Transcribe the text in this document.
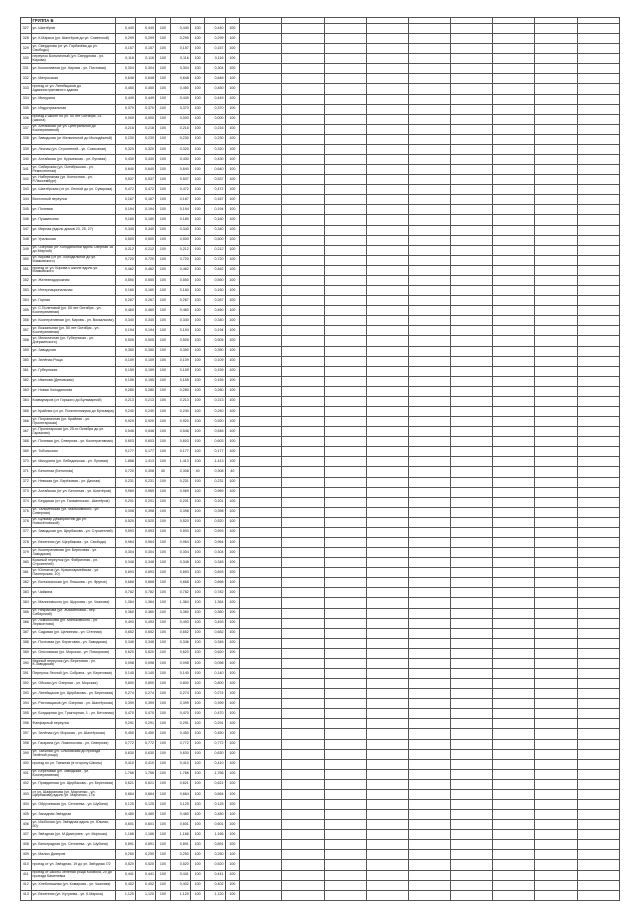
	ГРУППА Б																
327	ул. Шахтёров	0,440	0,440	100	0,440	100	0,440	100									
328	ул. К.Маркса (ул. Шахтёров до ул. Советской)	0,299	0,299	100	0,299	100	0,299	100									
329	ул. Свердлова (от ул. Горбачёва до ул. Свободы)	0,157	0,157	100	0,157	100	0,157	100									
330	переулок Больничный (ул. Свердлова - ул. Кирова)	0,116	0,116	100	0,116	100	0,116	100									
331	ул. Космонавтов (ул. Кирова - ул. Почтовая)	0,304	0,304	100	0,304	100	0,304	100									
332	ул. Матросская	0,648	0,648	100	0,648	100	0,648	100									
333	проезд от ул. Литейщиков до Административного здания	0,450	0,450	100	0,450	100	0,450	100									
334	ул. Мичурина	0,449	0,449	100	0,449	100	0,449	100									
335	ул. Индустриальная	0,370	0,370	100	0,370	100	0,370	100									
336	проезд к школе по ул. 50 лет Октября, 31 (школа)	0,000	0,000	100	0,000	100	0,000	100									
337	ул. Алтайская (от ул. Центральной до Кооперативной)	0,216	0,216	100	0,216	100	0,216	100									
338	ул. Заводская (от Мельничной до Молодёжной)	0,230	0,230	100	0,230	100	0,230	100									
339	ул. Лесная (ул. Строителей - ул. Совхозная)	0,320	0,320	100	0,320	100	0,320	100									
340	ул. Алтайская (ул. Курьинская - ул. Луговая)	0,430	0,430	100	0,430	100	0,430	100									
341	ул. Сибирская (ул. Октябрьская - ул. Ремесленная)	0,640	0,640	100	0,640	100	0,640	100									
342	ул. Набережная (ул. Колхозная - ул. Р.Люксембург)	0,537	0,537	100	0,537	100	0,537	100									
343	ул. Шахтёрская (от ул. Лесной до ул. Суворова)	0,472	0,472	100	0,472	100	0,472	100									
344	Восточный переулок	0,167	0,167	100	0,167	100	0,167	100									
345	ул. Полевая	0,194	0,194	100	0,194	100	0,194	100									
346	ул. Пушкинская	0,180	0,180	100	0,180	100	0,180	100									
347	ул. Мирная (вдоль домов 23, 25, 27)	0,340	0,340	100	0,340	100	0,340	100									
348	ул. Уральская	0,500	0,500	100	0,500	100	0,500	100									
349	ул. Озёрная (от Холодильной вдоль Озёрная 16 до Мирной)	0,212	0,212	100	0,212	100	0,212	100									
350	ул. Кирова (от ул. Холодильной до ул. Маяковского)	0,720	0,720	100	0,720	100	0,720	100									
351	проезд от ул. Кирова к школе вдоль ул. Маяковского	0,462	0,462	100	0,462	100	0,462	100									
352	ул. Железнодорожная	0,550	0,550	100	0,550	100	0,550	100									
353	ул. Интернациональная	0,160	0,160	100	0,160	100	0,160	100									
354	ул. Горная	0,267	0,267	100	0,267	100	0,267	100									
355	ул. С.Полетовой (ул. 50 лет Октября - ул. Кооперативная)	0,460	0,460	100	0,460	100	0,460	100									
356	ул. Кооперативная (ул. Кирова - ул. Вокзальная)	0,340	0,340	100	0,340	100	0,340	100									
357	ул. Вокзальная (ул. 50 лет Октября - ул. Кооперативная)	0,194	0,194	100	0,194	100	0,194	100									
358	ул. Мельничная (ул. Губернская - ул. Дзержинского)	0,505	0,505	100	0,505	100	0,505	100									
359	ул. Заводская	0,350	0,350	100	0,350	100	0,350	100									
360	ул. Зелёная Роща	0,109	0,109	100	0,109	100	0,109	100									
361	ул. Губернская	0,159	0,159	100	0,159	100	0,159	100									
362	ул. Иванова (Деповская)	0,155	0,155	100	0,155	100	0,155	100									
363	ул. Новая Холодильная	0,280	0,280	100	0,280	100	0,280	100									
364	Коммунаров (от Горького до Бульварной)	0,213	0,213	100	0,213	100	0,213	100									
365	ул. Крайняя (от ул. Политехникума до Бульвара)	0,240	0,240	100	0,240	100	0,240	100									
366	ул. Пограничная (ул. Крайняя - ул. Пролетарская)	0,920	0,920	100	0,920	100	0,920	100									
367	ул. Пролетарская (ул. 25-го Октября до ул. Гаражная)	0,546	0,546	100	0,546	100	0,546	100									
368	ул. Полевая (ул. Северная - ул. Кооперативная)	0,603	0,603	100	0,603	100	0,603	100									
369	ул. Тобольская	0,177	0,177	100	0,177	100	0,177	100									
370	ул. Мичурина (ул. Лебединская - ул. Луговая)	1,888	1,413	100	1,413	100	1,413	100									
371	ул. Бетонная (Бетонная)	0,720	0,308	40	0,308	40	0,308	40									
372	ул. Невская (ул. Берёзовая - ул. Дачная)	0,231	0,231	100	0,231	100	0,231	100									
373	ул. Алтайская (от ул. Бетонная - ул. Шахтёров)	0,969	0,969	100	0,969	100	0,969	100									
374	ул. Бердская (от ул. Тальменская - Шахтёров)	0,201	0,201	100	0,201	100	0,201	100									
375	ул. Тальменская (ул. Мальковского - ул. Северная)	0,398	0,398	100	0,398	100	0,398	100									
376	ул. Бульвар Декабристов (до ул. Новосёловской)	0,520	0,520	100	0,520	100	0,520	100									
377	ул. Заводская (ул. Щербакова - ул. Строителей)	0,593	0,593	100	0,593	100	0,593	100									
378	ул. Весенняя (ул. Щербакова - ул. Свобода)	0,964	0,964	100	0,964	100	0,964	100									
379	ул. Кооперативная (ул. Береговая - ул. Заводская)	0,304	0,304	100	0,304	100	0,304	100									
380	Красный переулок (ул. Фабричная - ул. Строителей)	0,348	0,348	100	0,348	100	0,348	100									
381	ул. Юннатов (ул. Красноармейская - ул. Пионерская, 10)	0,893	0,893	100	0,893	100	0,893	100									
382	ул. Волчихинская (ул. Пешкова - ул. Фрунзе)	0,668	0,668	100	0,668	100	0,668	100									
383	ул. Чайкина	0,782	0,782	100	0,782	100	0,782	100									
384	ул. Малиновского (ул. Щорсова - ул. Чкалова)	1,364	1,364	100	1,364	100	1,364	100									
385	ул. Некрасова (ул. Жасминовая - пер. Сибирский)	0,360	0,360	100	0,360	100	0,360	100									
386	ул. Ломоносова (ул. Мальковского - ул. Лермонтова)	0,493	0,493	100	0,493	100	0,493	100									
387	ул. Садовая (ул. Целинная - ул. Степная)	0,652	0,652	100	0,652	100	0,652	100									
388	ул. Почтовая (ул. Береговая - ул. Заводская)	0,346	0,346	100	0,346	100	0,346	100									
389	ул. Ольховская (ул. Морская - ул. Поморская)	0,620	0,620	100	0,620	100	0,620	100									
390	Мирный переулок (ул. Береговая - ул. К.Заводская)	0,098	0,098	100	0,098	100	0,098	100									
391	Переулок Лесной (ул. Собрана - ул. Береговая)	0,140	0,140	100	0,140	100	0,140	100									
392	ул. Обская (ул. Озерная - ул. Морская)	0,800	0,800	100	0,800	100	0,800	100									
393	ул. Литейщиков (ул. Щербакова - ул. Береговая)	0,274	0,274	100	0,274	100	0,274	100									
394	ул. Рихтовщиков (ул. Озерная - ул. Шахтёрская)	0,399	0,399	100	0,399	100	0,399	100									
395	ул. Бондарная (ул. Тракторная, 1 - ул. Бетонная)	0,470	0,470	100	0,470	100	0,470	100									
396	Фанфарный переулок	0,291	0,291	100	0,291	100	0,291	100									
397	ул. Зелёная (ул. Морская - ул. Шахтёрская)	0,450	0,450	100	0,450	100	0,450	100									
398	ул. Гагарина (ул. Ломоносова - ул. Северная)	0,772	0,772	100	0,772	100	0,772	100									
399	ул. Таежная (ул. Ольховская до проезда Зелёной рощи)	0,630	0,630	100	0,630	100	0,630	100									
400	проезд по ул. Таежная (в сторону Школы)	0,410	0,410	100	0,410	100	0,410	100									
401	ул. Береговая (ул. Заводская - ул. Кооперативная)	1,766	1,766	100	1,766	100	1,766	100									
402	ул. Правдинная (ул. Щербакова - ул. Береговая)	0,621	0,621	100	0,621	100	0,621	100									
403	от ул. Шафранова (ул. Марченко - ул. Щербакова) вдоль ул. Марченко, 17а	0,664	0,664	100	0,664	100	0,664	100									
404	ул. Обручевская (ул. Сенчеева - ул. Шубина)	0,125	0,125	100	0,125	100	0,125	100									
405	ул. Западная Звёздная	0,480	0,480	100	0,480	100	0,480	100									
406	ул. Изобилия (ул. Звёздная вдоль ул. Южная, 50)	0,601	0,601	100	0,601	100	0,601	100									
407	ул. Звёздная (ул. М.Дмитриев - ул. Морская)	1,166	1,166	100	1,166	100	1,166	100									
408	ул. Виноградная (ул. Сенчеева - ул. Шубина)	0,891	0,891	100	0,891	100	0,891	100									
409	ул. Малых Дмитров	0,250	0,250	100	0,250	100	0,250	100									
410	проезд от ул. Звёздная, 19 до ул. Звёздная 7/2	0,520	0,520	100	0,520	100	0,520	100									
411	проезд от школы Зелёная роща Космоса, 20 до проезда Каменевка	0,441	0,441	100	0,441	100	0,441	100									
412	ул. Хлебопашная (ул. Комарова - ул. Чкалова)	0,402	0,402	100	0,402	100	0,402	100									
413	ул. Весенняя (ул. Кутузова - ул. К.Маркса)	1,120	1,120	100	1,120	100	1,120	100									
